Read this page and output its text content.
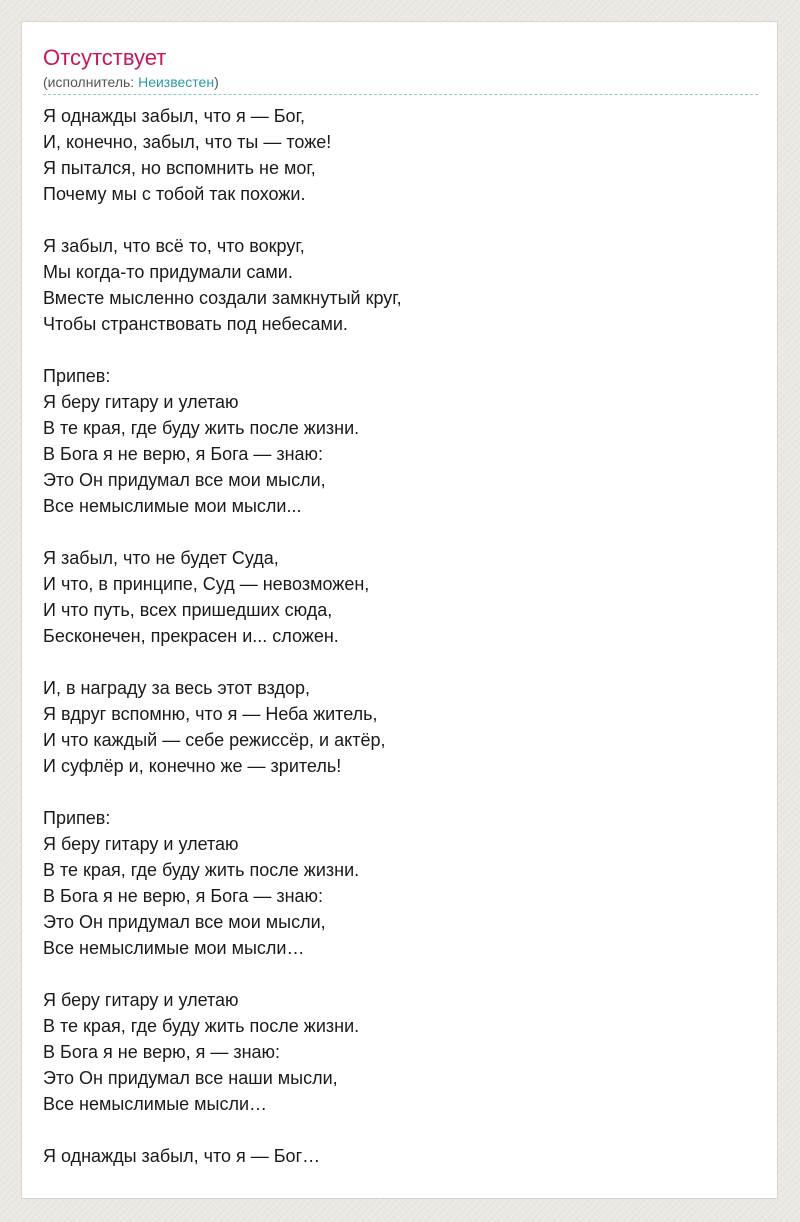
Отсутствует
(исполнитель: Неизвестен)
Я однажды забыл, что я — Бог,
И, конечно, забыл, что ты — тоже!
Я пытался, но вспомнить не мог,
Почему мы с тобой так похожи.
Я забыл, что всё то, что вокруг,
Мы когда-то придумали сами.
Вместе мысленно создали замкнутый круг,
Чтобы странствовать под небесами.
Припев:
Я беру гитару и улетаю
В те края, где буду жить после жизни.
В Бога я не верю, я Бога — знаю:
Это Он придумал все мои мысли,
Все немыслимые мои мысли...
Я забыл, что не будет Суда,
И что, в принципе, Суд — невозможен,
И что путь, всех пришедших сюда,
Бесконечен, прекрасен и... сложен.
И, в награду за весь этот вздор,
Я вдруг вспомню, что я — Неба житель,
И что каждый — себе режиссёр, и актёр,
И суфлёр и, конечно же — зритель!
Припев:
Я беру гитару и улетаю
В те края, где буду жить после жизни.
В Бога я не верю, я Бога — знаю:
Это Он придумал все мои мысли,
Все немыслимые мои мысли…
Я беру гитару и улетаю
В те края, где буду жить после жизни.
В Бога я не верю, я — знаю:
Это Он придумал все наши мысли,
Все немыслимые мысли…
Я однажды забыл, что я — Бог…
